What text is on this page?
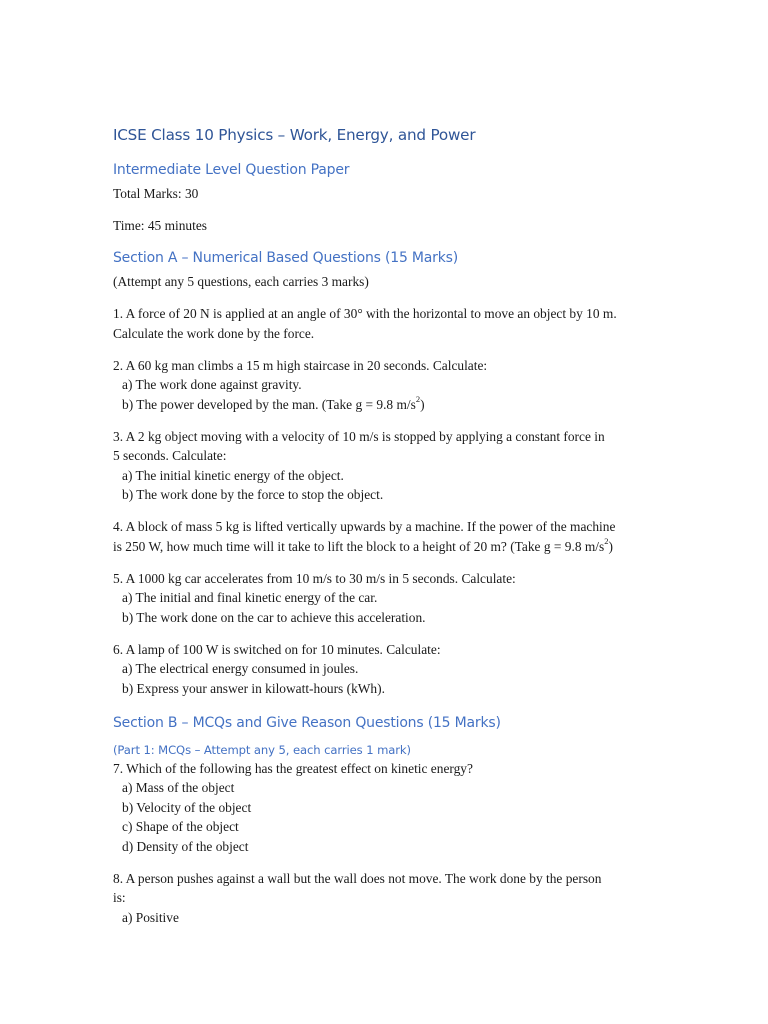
ICSE Class 10 Physics – Work, Energy, and Power
Intermediate Level Question Paper
Total Marks: 30
Time: 45 minutes
Section A – Numerical Based Questions (15 Marks)
(Attempt any 5 questions, each carries 3 marks)
1. A force of 20 N is applied at an angle of 30° with the horizontal to move an object by 10 m.
Calculate the work done by the force.
2. A 60 kg man climbs a 15 m high staircase in 20 seconds. Calculate:
a) The work done against gravity.
b) The power developed by the man. (Take g = 9.8 $m/s^2$)
3. A 2 kg object moving with a velocity of 10 m/s is stopped by applying a constant force in
5 seconds. Calculate:
a) The initial kinetic energy of the object.
b) The work done by the force to stop the object.
4. A block of mass 5 kg is lifted vertically upwards by a machine. If the power of the machine
is 250 W, how much time will it take to lift the block to a height of 20 m? (Take g = 9.8 $m/s^2$)
5. A 1000 kg car accelerates from 10 m/s to 30 m/s in 5 seconds. Calculate:
a) The initial and final kinetic energy of the car.
b) The work done on the car to achieve this acceleration.
6. A lamp of 100 W is switched on for 10 minutes. Calculate:
a) The electrical energy consumed in joules.
b) Express your answer in kilowatt-hours (kWh).
Section B – MCQs and Give Reason Questions (15 Marks)
(Part 1: MCQs – Attempt any 5, each carries 1 mark)
7. Which of the following has the greatest effect on kinetic energy?
a) Mass of the object
b) Velocity of the object
c) Shape of the object
d) Density of the object
8. A person pushes against a wall but the wall does not move. The work done by the person
is:
a) Positive
